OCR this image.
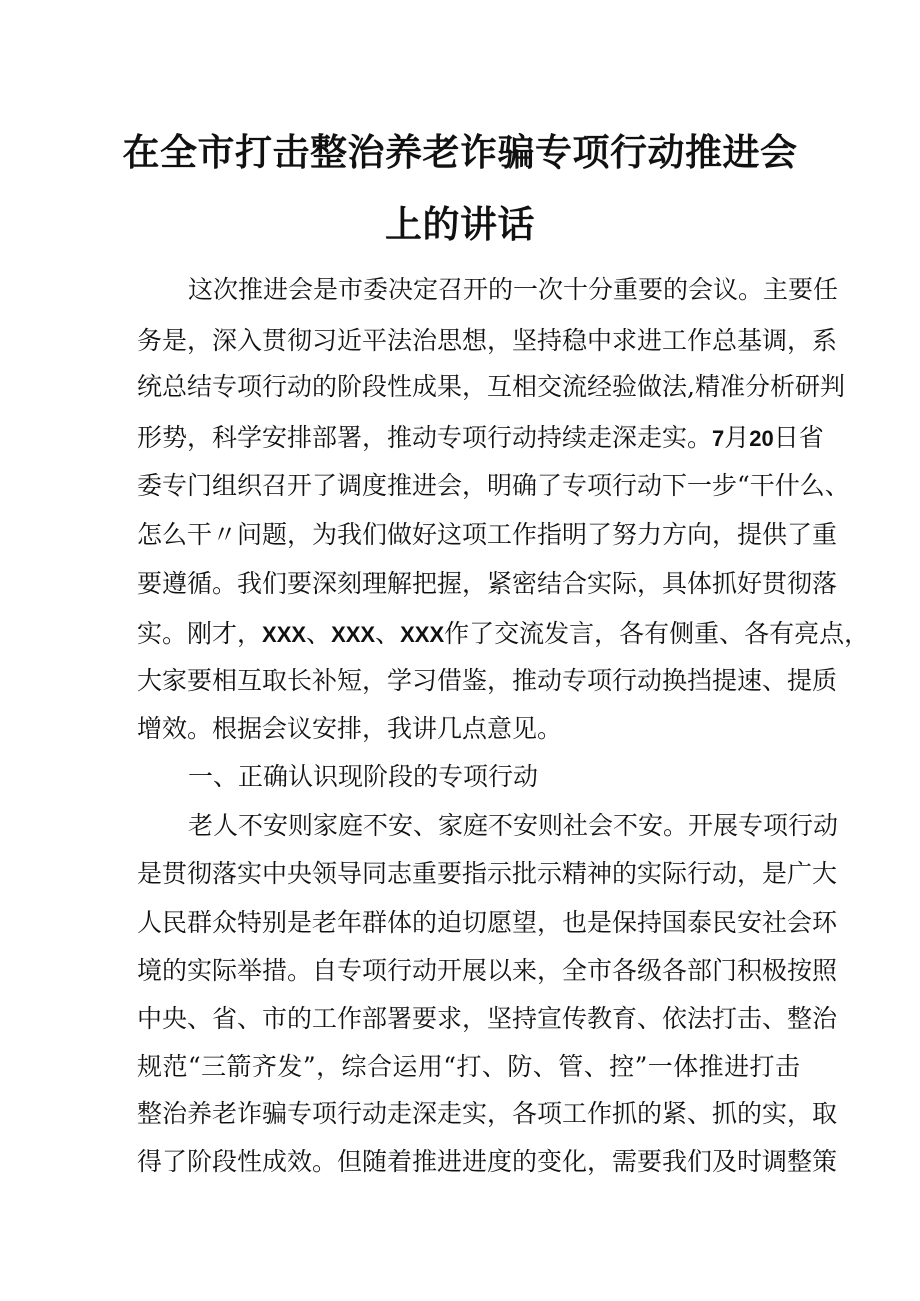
在全市打击整治养老诈骗专项行动推进会
上的讲话
这次推进会是市委决定召开的一次十分重要的会议。主要任
务是，深入贯彻习近平法治思想，坚持稳中求进工作总基调，系
统总结专项行动的阶段性成果，互相交流经验做法,精准分析研判
形势，科学安排部署，推动专项行动持续走深走实。7月20日省
委专门组织召开了调度推进会，明确了专项行动下一步“干什么、
怎么干〃问题，为我们做好这项工作指明了努力方向，提供了重
要遵循。我们要深刻理解把握，紧密结合实际，具体抓好贯彻落
实。刚才，XXX、XXX、XXX作了交流发言，各有侧重、各有亮点，
大家要相互取长补短，学习借鉴，推动专项行动换挡提速、提质
增效。根据会议安排，我讲几点意见。
一、正确认识现阶段的专项行动
老人不安则家庭不安、家庭不安则社会不安。开展专项行动
是贯彻落实中央领导同志重要指示批示精神的实际行动，是广大
人民群众特别是老年群体的迫切愿望，也是保持国泰民安社会环
境的实际举措。自专项行动开展以来，全市各级各部门积极按照
中央、省、市的工作部署要求，坚持宣传教育、依法打击、整治
规范“三箭齐发”，综合运用“打、防、管、控”一体推进打击
整治养老诈骗专项行动走深走实，各项工作抓的紧、抓的实，取
得了阶段性成效。但随着推进进度的变化，需要我们及时调整策
